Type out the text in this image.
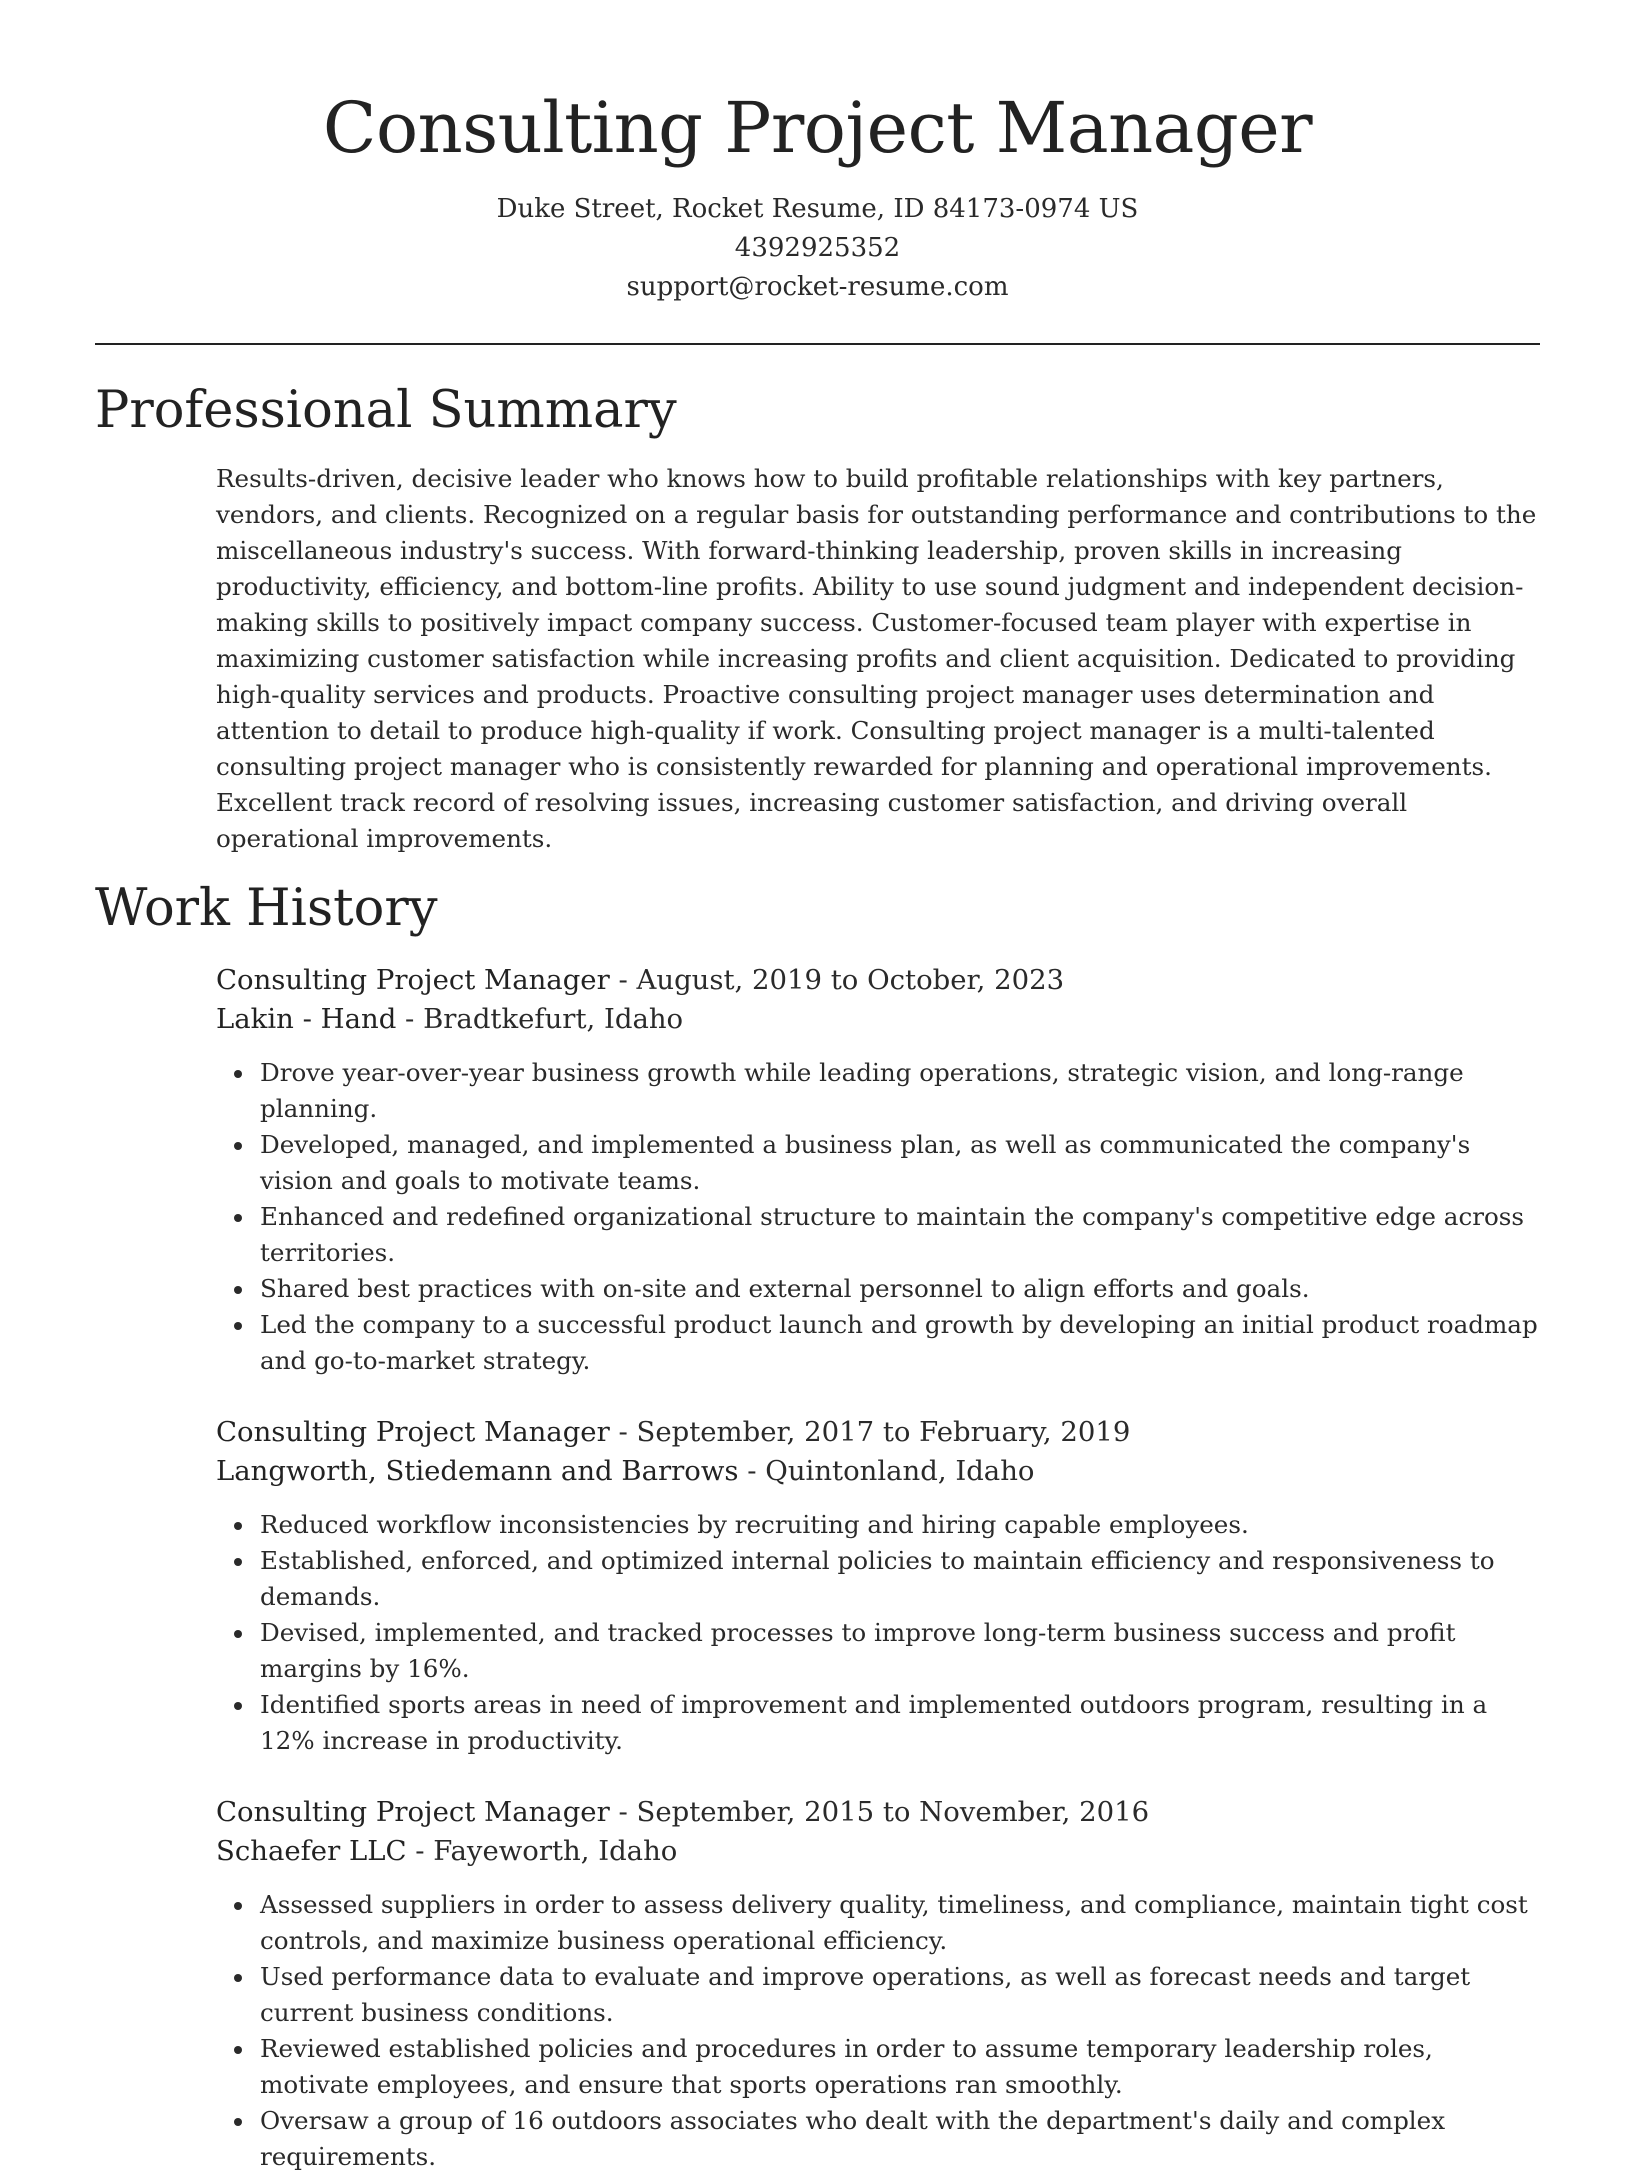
Consulting Project Manager
Duke Street, Rocket Resume, ID 84173-0974 US
4392925352
support@rocket-resume.com
Professional Summary

Results-driven, decisive leader who knows how to build profitable relationships with key partners, vendors, and clients. Recognized on a regular basis for outstanding performance and contributions to the miscellaneous industry's success. With forward-thinking leadership, proven skills in increasing productivity, efficiency, and bottom-line profits. Ability to use sound judgment and independent decision-making skills to positively impact company success. Customer-focused team player with expertise in maximizing customer satisfaction while increasing profits and client acquisition. Dedicated to providing high-quality services and products. Proactive consulting project manager uses determination and attention to detail to produce high-quality if work. Consulting project manager is a multi-talented consulting project manager who is consistently rewarded for planning and operational improvements. Excellent track record of resolving issues, increasing customer satisfaction, and driving overall operational improvements.

Work History
Consulting Project Manager - August, 2019 to October, 2023
Lakin - Hand - Bradtkefurt, Idaho
Drove year-over-year business growth while leading operations, strategic vision, and long-range planning.
Developed, managed, and implemented a business plan, as well as communicated the company's vision and goals to motivate teams.
Enhanced and redefined organizational structure to maintain the company's competitive edge across territories.
Shared best practices with on-site and external personnel to align efforts and goals.
Led the company to a successful product launch and growth by developing an initial product roadmap and go-to-market strategy.
Consulting Project Manager - September, 2017 to February, 2019
Langworth, Stiedemann and Barrows - Quintonland, Idaho
Reduced workflow inconsistencies by recruiting and hiring capable employees.
Established, enforced, and optimized internal policies to maintain efficiency and responsiveness to demands.
Devised, implemented, and tracked processes to improve long-term business success and profit margins by 16%.
Identified sports areas in need of improvement and implemented outdoors program, resulting in a 12% increase in productivity.
Consulting Project Manager - September, 2015 to November, 2016
Schaefer LLC - Fayeworth, Idaho
Assessed suppliers in order to assess delivery quality, timeliness, and compliance, maintain tight cost controls, and maximize business operational efficiency.
Used performance data to evaluate and improve operations, as well as forecast needs and target current business conditions.
Reviewed established policies and procedures in order to assume temporary leadership roles, motivate employees, and ensure that sports operations ran smoothly.
Oversaw a group of 16 outdoors associates who dealt with the department's daily and complex requirements.
